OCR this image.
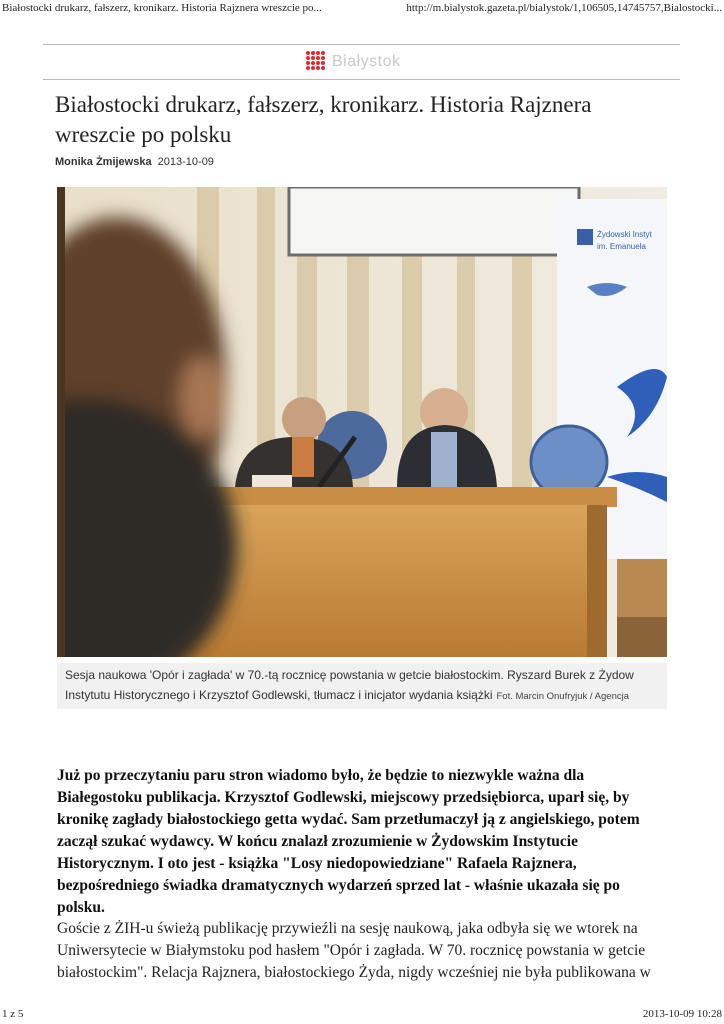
Białostocki drukarz, fałszerz, kronikarz. Historia Rajznera wreszcie po...	http://m.bialystok.gazeta.pl/bialystok/1,106505,14745757,Bialostocki...
Białystok
Białostocki drukarz, fałszerz, kronikarz. Historia Rajznera wreszcie po polsku
Monika Żmijewska 2013-10-09
Żydowski Instyt
im. Emanuela
Sesja naukowa 'Opór i zagłada' w 70.-tą rocznicę powstania w getcie białostockim. Ryszard Burek z Żydow
Instytutu Historycznego i Krzysztof Godlewski, tłumacz i inicjator wydania książki Fot. Marcin Onufryjuk / Agencja

Już po przeczytaniu paru stron wiadomo było, że będzie to niezwykle ważna dla Białegostoku publikacja. Krzysztof Godlewski, miejscowy przedsiębiorca, uparł się, by kronikę zagłady białostockiego getta wydać. Sam przetłumaczył ją z angielskiego, potem zaczął szukać wydawcy. W końcu znalazł zrozumienie w Żydowskim Instytucie Historycznym. I oto jest - książka "Losy niedopowiedziane" Rafaela Rajznera, bezpośredniego świadka dramatycznych wydarzeń sprzed lat - właśnie ukazała się po polsku.

Goście z ŻIH-u świeżą publikację przywieźli na sesję naukową, jaka odbyła się we wtorek na Uniwersytecie w Białymstoku pod hasłem "Opór i zagłada. W 70. rocznicę powstania w getcie białostockim". Relacja Rajznera, białostockiego Żyda, nigdy wcześniej nie była publikowana w

1 z 5	2013-10-09 10:28
